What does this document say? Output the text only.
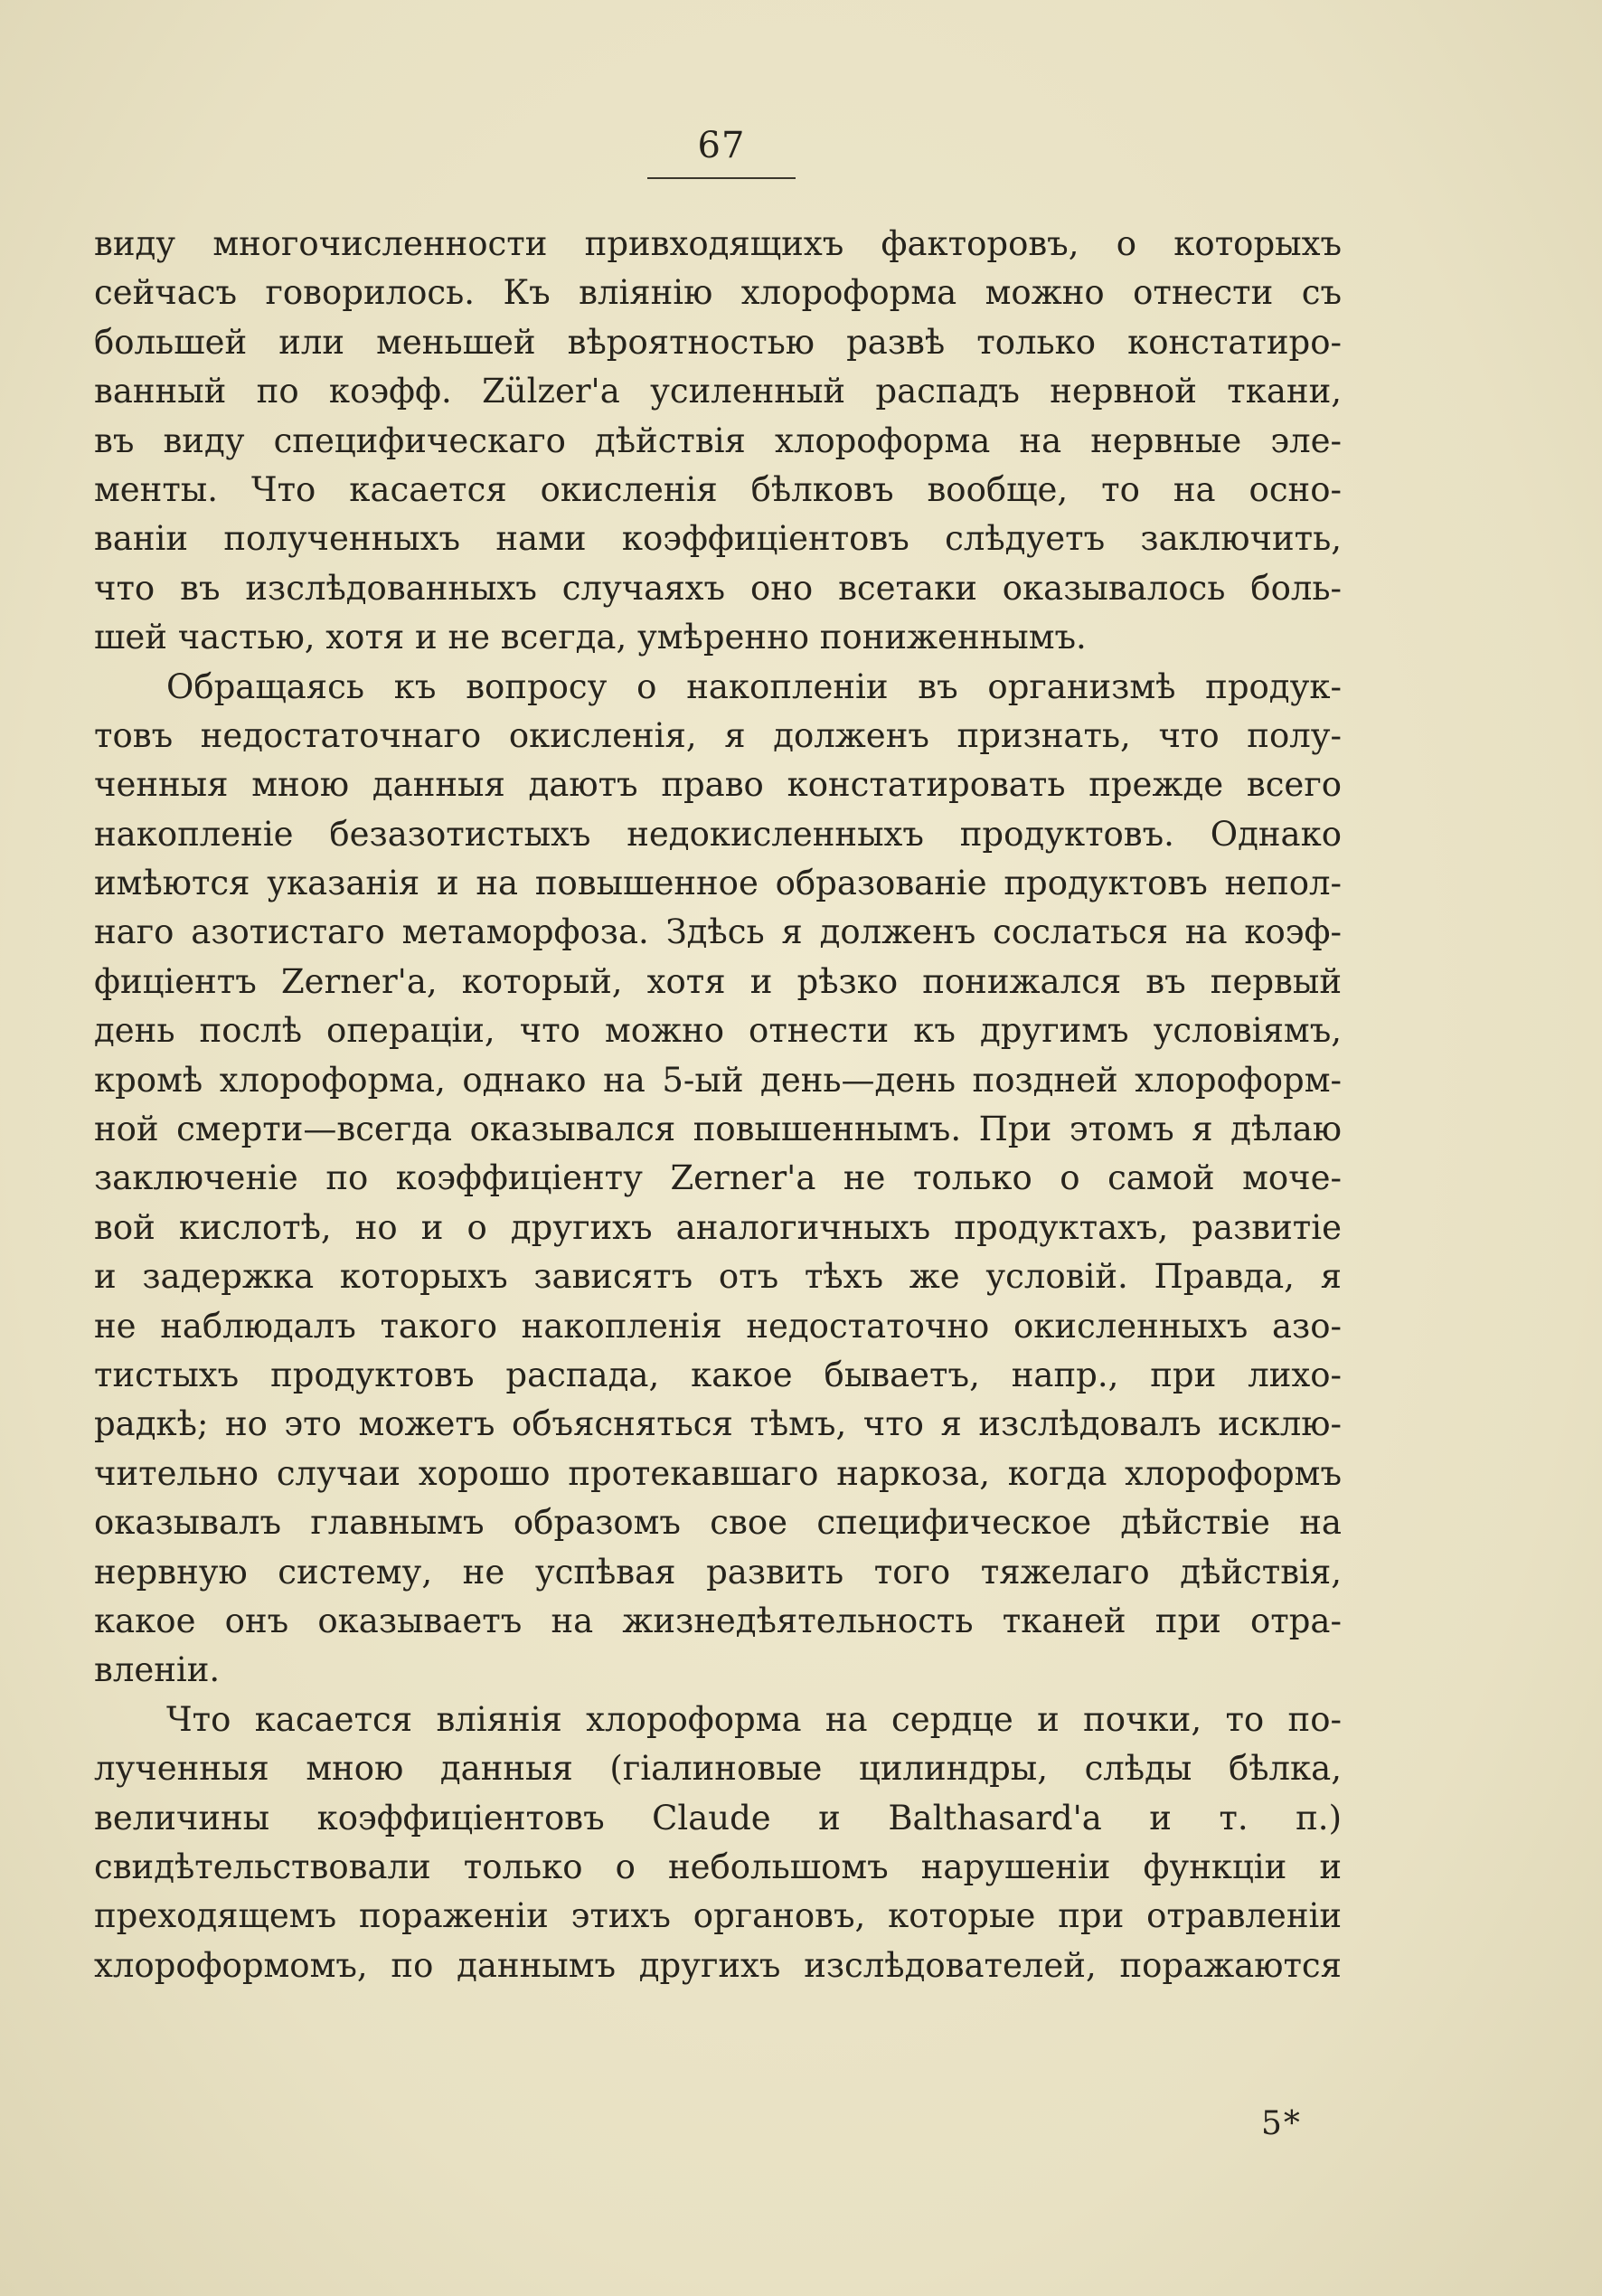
67
виду многочисленности привходящихъ факторовъ, о которыхъ
сейчасъ говорилось. Къ вліянію хлороформа можно отнести съ
большей или меньшей вѣроятностью развѣ только констатиро-
ванный по коэфф. Zülzer'а усиленный распадъ нервной ткани,
въ виду специфическаго дѣйствія хлороформа на нервные эле-
менты. Что касается окисленія бѣлковъ вообще, то на осно-
ваніи полученныхъ нами коэффиціентовъ слѣдуетъ заключить,
что въ изслѣдованныхъ случаяхъ оно всетаки оказывалось боль-
шей частью, хотя и не всегда, умѣренно пониженнымъ.
Обращаясь къ вопросу о накопленіи въ организмѣ продук-
товъ недостаточнаго окисленія, я долженъ признать, что полу-
ченныя мною данныя даютъ право констатировать прежде всего
накопленіе безазотистыхъ недокисленныхъ продуктовъ. Однако
имѣются указанія и на повышенное образованіе продуктовъ непол-
наго азотистаго метаморфоза. Здѣсь я долженъ сослаться на коэф-
фиціентъ Zerner'а, который, хотя и рѣзко понижался въ первый
день послѣ операціи, что можно отнести къ другимъ условіямъ,
кромѣ хлороформа, однако на 5-ый день—день поздней хлороформ-
ной смерти—всегда оказывался повышеннымъ. При этомъ я дѣлаю
заключеніе по коэффиціенту Zerner'а не только о самой моче-
вой кислотѣ, но и о другихъ аналогичныхъ продуктахъ, развитіе
и задержка которыхъ зависятъ отъ тѣхъ же условій. Правда, я
не наблюдалъ такого накопленія недостаточно окисленныхъ азо-
тистыхъ продуктовъ распада, какое бываетъ, напр., при лихо-
радкѣ; но это можетъ объясняться тѣмъ, что я изслѣдовалъ исклю-
чительно случаи хорошо протекавшаго наркоза, когда хлороформъ
оказывалъ главнымъ образомъ свое специфическое дѣйствіе на
нервную систему, не успѣвая развить того тяжелаго дѣйствія,
какое онъ оказываетъ на жизнедѣятельность тканей при отра-
вленіи.
Что касается вліянія хлороформа на сердце и почки, то по-
лученныя мною данныя (гіалиновые цилиндры, слѣды бѣлка,
величины коэффиціентовъ Claude и Balthasard'а и т. п.)
свидѣтельствовали только о небольшомъ нарушеніи функціи и
преходящемъ пораженіи этихъ органовъ, которые при отравленіи
хлороформомъ, по даннымъ другихъ изслѣдователей, поражаются
5*
